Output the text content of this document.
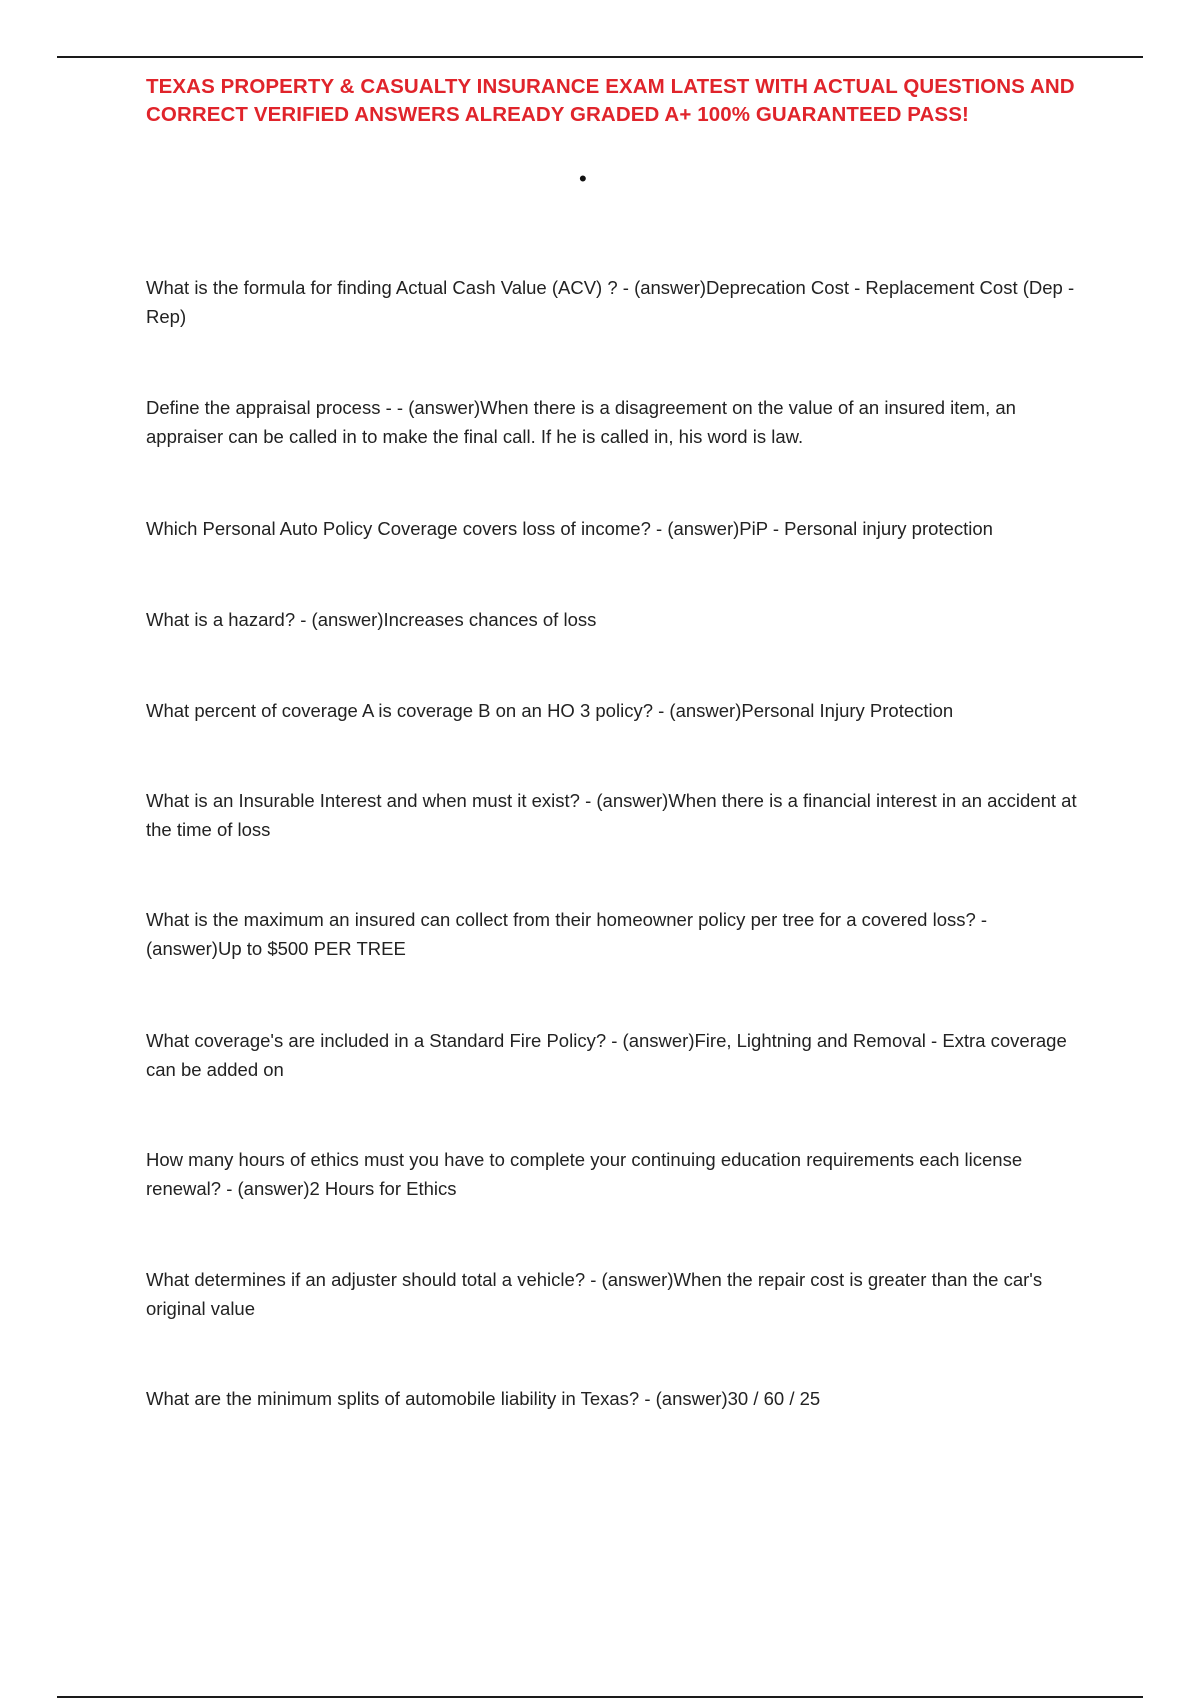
TEXAS PROPERTY & CASUALTY INSURANCE EXAM LATEST WITH ACTUAL QUESTIONS AND CORRECT VERIFIED ANSWERS ALREADY GRADED A+ 100% GUARANTEED PASS!
•

What is the formula for finding Actual Cash Value (ACV) ? - (answer)Deprecation Cost - Replacement Cost (Dep - Rep)

Define the appraisal process - - (answer)When there is a disagreement on the value of an insured item, an appraiser can be called in to make the final call. If he is called in, his word is law.

Which Personal Auto Policy Coverage covers loss of income? - (answer)PiP - Personal injury protection

What is a hazard? - (answer)Increases chances of loss

What percent of coverage A is coverage B on an HO 3 policy? - (answer)Personal Injury Protection

What is an Insurable Interest and when must it exist? - (answer)When there is a financial interest in an accident at the time of loss

What is the maximum an insured can collect from their homeowner policy per tree for a covered loss? - (answer)Up to $500 PER TREE

What coverage's are included in a Standard Fire Policy? - (answer)Fire, Lightning and Removal - Extra coverage can be added on

How many hours of ethics must you have to complete your continuing education requirements each license renewal? - (answer)2 Hours for Ethics

What determines if an adjuster should total a vehicle? - (answer)When the repair cost is greater than the car's original value

What are the minimum splits of automobile liability in Texas? - (answer)30 / 60 / 25
